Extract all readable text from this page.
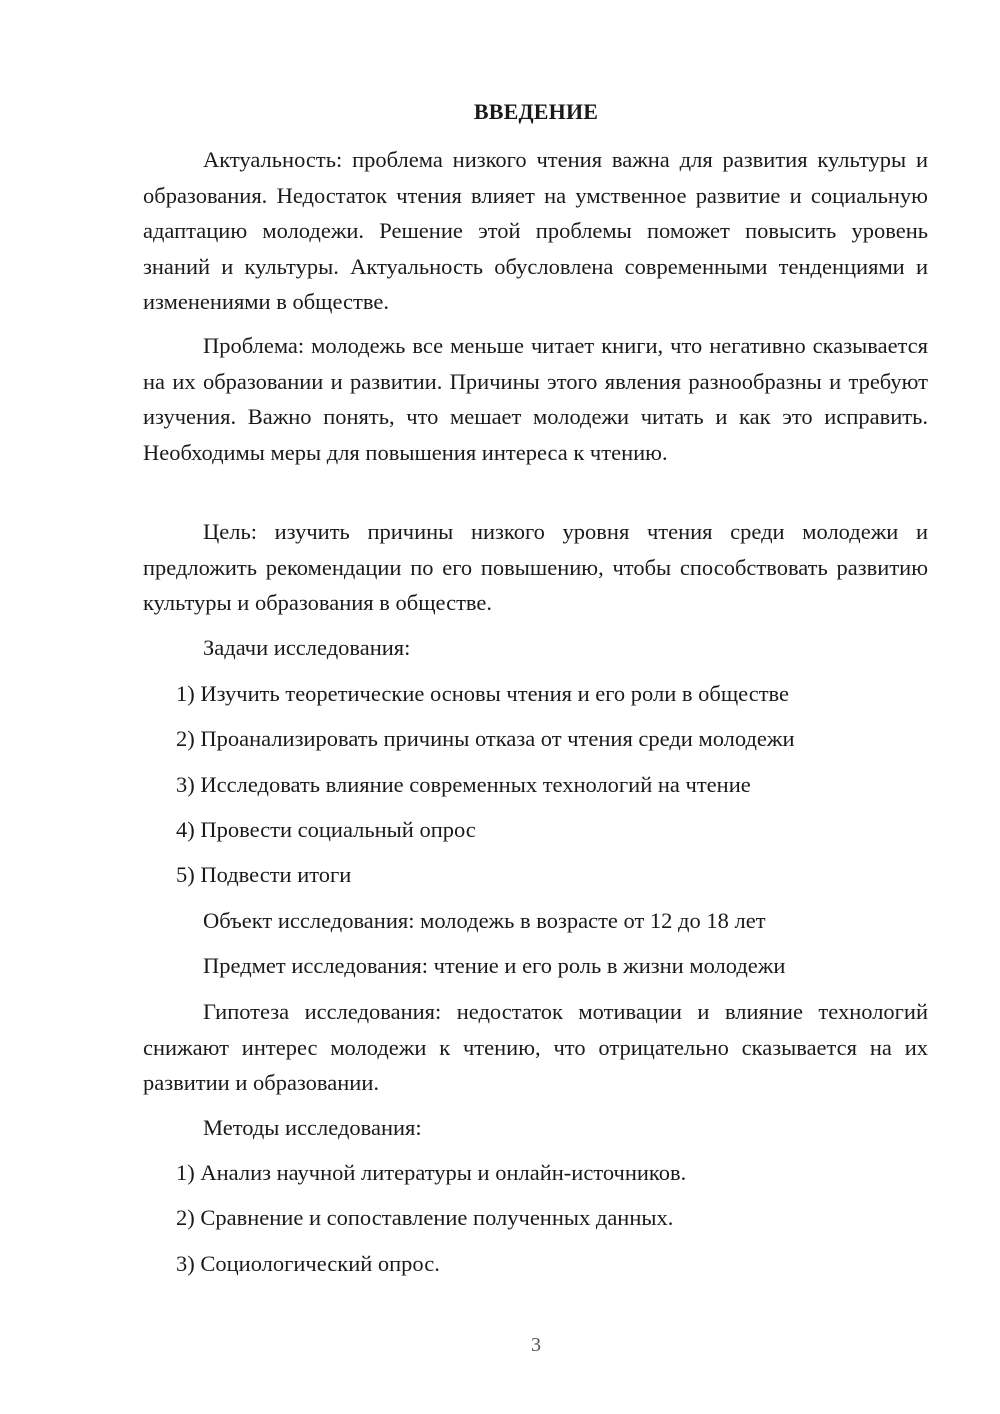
ВВЕДЕНИЕ

Актуальность: проблема низкого чтения важна для развития культуры и образования. Недостаток чтения влияет на умственное развитие и социальную адаптацию молодежи. Решение этой проблемы поможет повысить уровень знаний и культуры. Актуальность обусловлена современными тенденциями и изменениями в обществе.

Проблема: молодежь все меньше читает книги, что негативно сказывается на их образовании и развитии. Причины этого явления разнообразны и требуют изучения. Важно понять, что мешает молодежи читать и как это исправить. Необходимы меры для повышения интереса к чтению.

Цель: изучить причины низкого уровня чтения среди молодежи и предложить рекомендации по его повышению, чтобы способствовать развитию культуры и образования в обществе.

Задачи исследования:

1) Изучить теоретические основы чтения и его роли в обществе

2) Проанализировать причины отказа от чтения среди молодежи

3) Исследовать влияние современных технологий на чтение

4) Провести социальный опрос

5) Подвести итоги

Объект исследования: молодежь в возрасте от 12 до 18 лет

Предмет исследования: чтение и его роль в жизни молодежи

Гипотеза исследования: недостаток мотивации и влияние технологий снижают интерес молодежи к чтению, что отрицательно сказывается на их развитии и образовании.

Методы исследования:

1) Анализ научной литературы и онлайн-источников.

2) Сравнение и сопоставление полученных данных.

3) Социологический опрос.

3
